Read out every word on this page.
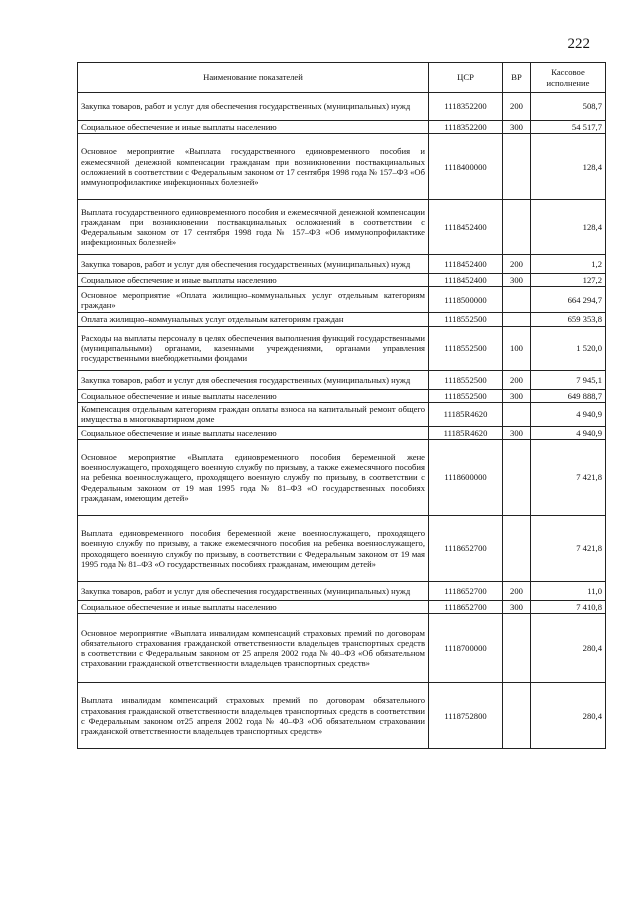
222
Наименование показателей	ЦСР	ВР	Кассовое исполнение
Закупка товаров, работ и услуг для обеспечения государственных (муниципальных) нужд	1118352200	200	508,7
Социальное обеспечение и иные выплаты населению	1118352200	300	54 517,7
Основное мероприятие «Выплата государственного единовременного пособия и ежемесячной денежной компенсации гражданам при возникновении поствакцинальных осложнений в соответствии с Федеральным законом от 17 сентября 1998 года № 157–ФЗ «Об иммунопрофилактике инфекционных болезней»	1118400000		128,4
Выплата государственного единовременного пособия и ежемесячной денежной компенсации гражданам при возникновении поствакцинальных осложнений в соответствии с Федеральным законом от 17 сентября 1998 года № 157–ФЗ «Об иммунопрофилактике инфекционных болезней»	1118452400		128,4
Закупка товаров, работ и услуг для обеспечения государственных (муниципальных) нужд	1118452400	200	1,2
Социальное обеспечение и иные выплаты населению	1118452400	300	127,2
Основное мероприятие «Оплата жилищно–коммунальных услуг отдельным категориям граждан»	1118500000		664 294,7
Оплата жилищно–коммунальных услуг отдельным категориям граждан	1118552500		659 353,8
Расходы на выплаты персоналу в целях обеспечения выполнения функций государственными (муниципальными) органами, казенными учреждениями, органами управления государственными внебюджетными фондами	1118552500	100	1 520,0
Закупка товаров, работ и услуг для обеспечения государственных (муниципальных) нужд	1118552500	200	7 945,1
Социальное обеспечение и иные выплаты населению	1118552500	300	649 888,7
Компенсация отдельным категориям граждан оплаты взноса на капитальный ремонт общего имущества в многоквартирном доме	11185R4620		4 940,9
Социальное обеспечение и иные выплаты населению	11185R4620	300	4 940,9
Основное мероприятие «Выплата единовременного пособия беременной жене военнослужащего, проходящего военную службу по призыву, а также ежемесячного пособия на ребенка военнослужащего, проходящего военную службу по призыву, в соответствии с Федеральным законом от 19 мая 1995 года № 81–ФЗ «О государственных пособиях гражданам, имеющим детей»	1118600000		7 421,8
Выплата единовременного пособия беременной жене военнослужащего, проходящего военную службу по призыву, а также ежемесячного пособия на ребенка военнослужащего, проходящего военную службу по призыву, в соответствии с Федеральным законом от 19 мая 1995 года № 81–ФЗ «О государственных пособиях гражданам, имеющим детей»	1118652700		7 421,8
Закупка товаров, работ и услуг для обеспечения государственных (муниципальных) нужд	1118652700	200	11,0
Социальное обеспечение и иные выплаты населению	1118652700	300	7 410,8
Основное мероприятие «Выплата инвалидам компенсаций страховых премий по договорам обязательного страхования гражданской ответственности владельцев транспортных средств в соответствии с Федеральным законом от 25 апреля 2002 года № 40–ФЗ «Об обязательном страховании гражданской ответственности владельцев транспортных средств»	1118700000		280,4
Выплата инвалидам компенсаций страховых премий по договорам обязательного страхования гражданской ответственности владельцев транспортных средств в соответствии с Федеральным законом от25 апреля 2002 года № 40–ФЗ «Об обязательном страховании гражданской ответственности владельцев транспортных средств»	1118752800		280,4
